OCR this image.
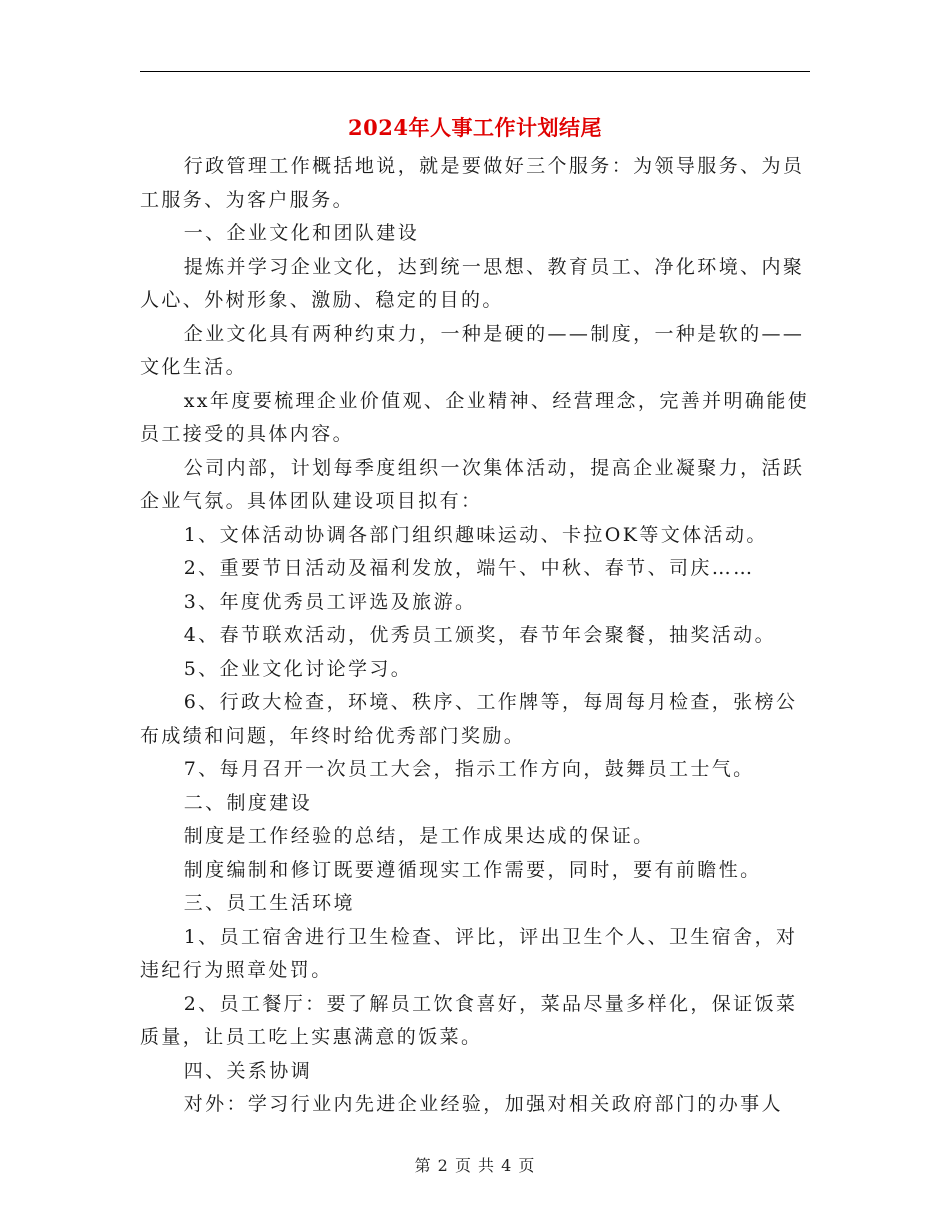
2024年人事工作计划结尾

行政管理工作概括地说，就是要做好三个服务：为领导服务、为员工服务、为客户服务。

一、企业文化和团队建设

提炼并学习企业文化，达到统一思想、教育员工、净化环境、内聚人心、外树形象、激励、稳定的目的。

企业文化具有两种约束力，一种是硬的——制度，一种是软的——文化生活。

xx年度要梳理企业价值观、企业精神、经营理念，完善并明确能使员工接受的具体内容。

公司内部，计划每季度组织一次集体活动，提高企业凝聚力，活跃企业气氛。具体团队建设项目拟有：

1、文体活动协调各部门组织趣味运动、卡拉OK等文体活动。

2、重要节日活动及福利发放，端午、中秋、春节、司庆……

3、年度优秀员工评选及旅游。

4、春节联欢活动，优秀员工颁奖，春节年会聚餐，抽奖活动。

5、企业文化讨论学习。

6、行政大检查，环境、秩序、工作牌等，每周每月检查，张榜公布成绩和问题，年终时给优秀部门奖励。

7、每月召开一次员工大会，指示工作方向，鼓舞员工士气。

二、制度建设

制度是工作经验的总结，是工作成果达成的保证。

制度编制和修订既要遵循现实工作需要，同时，要有前瞻性。

三、员工生活环境

1、员工宿舍进行卫生检查、评比，评出卫生个人、卫生宿舍，对违纪行为照章处罚。

2、员工餐厅：要了解员工饮食喜好，菜品尽量多样化，保证饭菜质量，让员工吃上实惠满意的饭菜。

四、关系协调

对外：学习行业内先进企业经验，加强对相关政府部门的办事人

第 2 页 共 4 页
